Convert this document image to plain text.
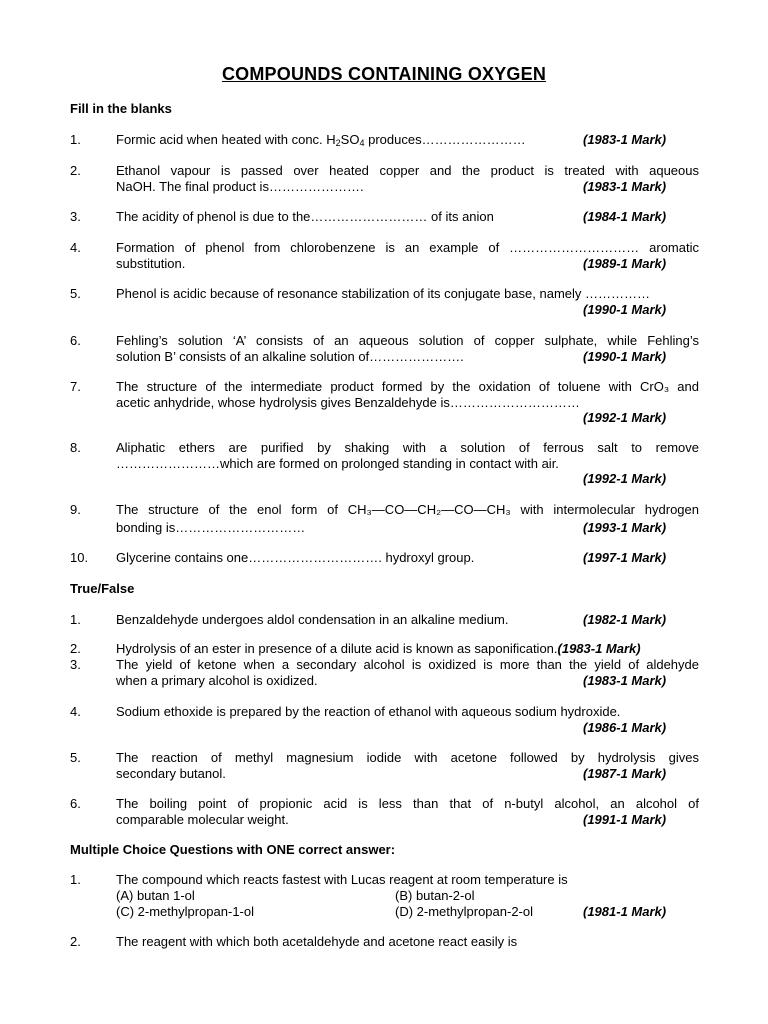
COMPOUNDS CONTAINING OXYGEN
Fill in the blanks
1.	Formic acid when heated with conc. $H_2SO_4$ produces……………………	(1983-1 Mark)
2.	Ethanol vapour is passed over heated copper and the product is treated with aqueous
NaOH. The final product is………………….	(1983-1 Mark)
3.	The acidity of phenol is due to the……………………… of its anion	(1984-1 Mark)
4.	Formation of phenol from chlorobenzene is an example of ………………………… aromatic
substitution.	(1989-1 Mark)
5.	Phenol is acidic because of resonance stabilization of its conjugate base, namely ……………
(1990-1 Mark)
6.	Fehling’s solution ‘A’ consists of an aqueous solution of copper sulphate, while Fehling’s
solution B’ consists of an alkaline solution of………………….	(1990-1 Mark)
7.	The structure of the intermediate product formed by the oxidation of toluene with CrO₃ and
acetic anhydride, whose hydrolysis gives Benzaldehyde is…………………………
(1992-1 Mark)
8.	Aliphatic ethers are purified by shaking with a solution of ferrous salt to remove
……………………which are formed on prolonged standing in contact with air.
(1992-1 Mark)
9.	The structure of the enol form of CH₃—CO—CH₂—CO—CH₃ with intermolecular hydrogen
bonding is…………………………	(1993-1 Mark)
10. Glycerine contains one…………………………. hydroxyl group.	(1997-1 Mark)
True/False
1.	Benzaldehyde undergoes aldol condensation in an alkaline medium.	(1982-1 Mark)
2.	Hydrolysis of an ester in presence of a dilute acid is known as saponification.(1983-1 Mark)
3.	The yield of ketone when a secondary alcohol is oxidized is more than the yield of aldehyde
when a primary alcohol is oxidized.	(1983-1 Mark)
4.	Sodium ethoxide is prepared by the reaction of ethanol with aqueous sodium hydroxide.
(1986-1 Mark)
5.	The reaction of methyl magnesium iodide with acetone followed by hydrolysis gives
secondary butanol.	(1987-1 Mark)
6.	The boiling point of propionic acid is less than that of n-butyl alcohol, an alcohol of
comparable molecular weight.	(1991-1 Mark)
Multiple Choice Questions with ONE correct answer:
1.	The compound which reacts fastest with Lucas reagent at room temperature is
(A) butan 1-ol	(B) butan-2-ol
(C) 2-methylpropan-1-ol	(D) 2-methylpropan-2-ol	(1981-1 Mark)
2.	The reagent with which both acetaldehyde and acetone react easily is
